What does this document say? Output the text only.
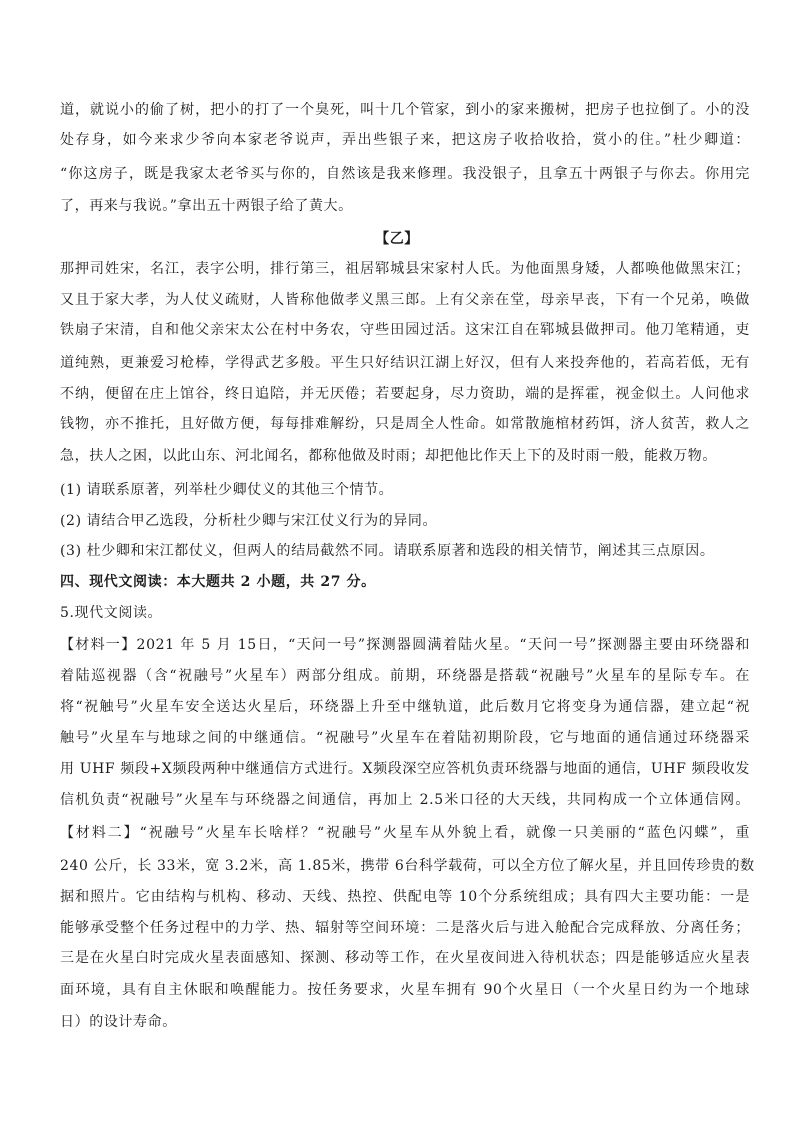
道，就说小的偷了树，把小的打了一个臭死，叫十几个管家，到小的家来搬树，把房子也拉倒了。小的没
处存身，如今来求少爷向本家老爷说声，弄出些银子来，把这房子收拾收拾，赏小的住。”杜少卿道：
“你这房子，既是我家太老爷买与你的，自然该是我来修理。我没银子，且拿五十两银子与你去。你用完
了，再来与我说。”拿出五十两银子给了黄大。
【乙】
那押司姓宋，名江，表字公明，排行第三，祖居郓城县宋家村人氏。为他面黑身矮，人都唤他做黑宋江；
又且于家大孝，为人仗义疏财，人皆称他做孝义黑三郎。上有父亲在堂，母亲早丧，下有一个兄弟，唤做
铁扇子宋清，自和他父亲宋太公在村中务农，守些田园过活。这宋江自在郓城县做押司。他刀笔精通，吏
道纯熟，更兼爱习枪棒，学得武艺多般。平生只好结识江湖上好汉，但有人来投奔他的，若高若低，无有
不纳，便留在庄上馆谷，终日追陪，并无厌倦；若要起身，尽力资助，端的是挥霍，视金似土。人问他求
钱物，亦不推托，且好做方便，每每排难解纷，只是周全人性命。如常散施棺材药饵，济人贫苦，救人之
急，扶人之困，以此山东、河北闻名，都称他做及时雨；却把他比作天上下的及时雨一般，能救万物。
(1) 请联系原著，列举杜少卿仗义的其他三个情节。
(2) 请结合甲乙选段，分析杜少卿与宋江仗义行为的异同。
(3) 杜少卿和宋江都仗义，但两人的结局截然不同。请联系原著和选段的相关情节，阐述其三点原因。
四、现代文阅读：本大题共 2 小题，共 27 分。
5.现代文阅读。
【材料一】2021 年 5 月 15日，“天问一号”探测器圆满着陆火星。“天问一号”探测器主要由环绕器和
着陆巡视器（含“祝融号”火星车）两部分组成。前期，环绕器是搭载“祝融号”火星车的星际专车。在
将“祝触号”火星车安全送达火星后，环绕器上升至中继轨道，此后数月它将变身为通信器，建立起“祝
触号”火星车与地球之间的中继通信。“祝融号”火星车在着陆初期阶段，它与地面的通信通过环绕器采
用 UHF 频段+X频段两种中继通信方式进行。X频段深空应答机负责环绕器与地面的通信，UHF 频段收发
信机负责“祝融号”火星车与环绕器之间通信，再加上 2.5米口径的大天线，共同构成一个立体通信网。
【材料二】“祝融号”火星车长啥样？“祝融号”火星车从外貌上看，就像一只美丽的“蓝色闪蝶”，重
240 公斤，长 33米，宽 3.2米，高 1.85米，携带 6台科学载荷，可以全方位了解火星，并且回传珍贵的数
据和照片。它由结构与机构、移动、天线、热控、供配电等 10个分系统组成；具有四大主要功能：一是
能够承受整个任务过程中的力学、热、辐射等空间环境：二是落火后与进入舱配合完成释放、分离任务；
三是在火星白时完成火星表面感知、探测、移动等工作，在火星夜间进入待机状态；四是能够适应火星表
面环境，具有自主休眠和唤醒能力。按任务要求，火星车拥有 90个火星日（一个火星日约为一个地球
日）的设计寿命。
